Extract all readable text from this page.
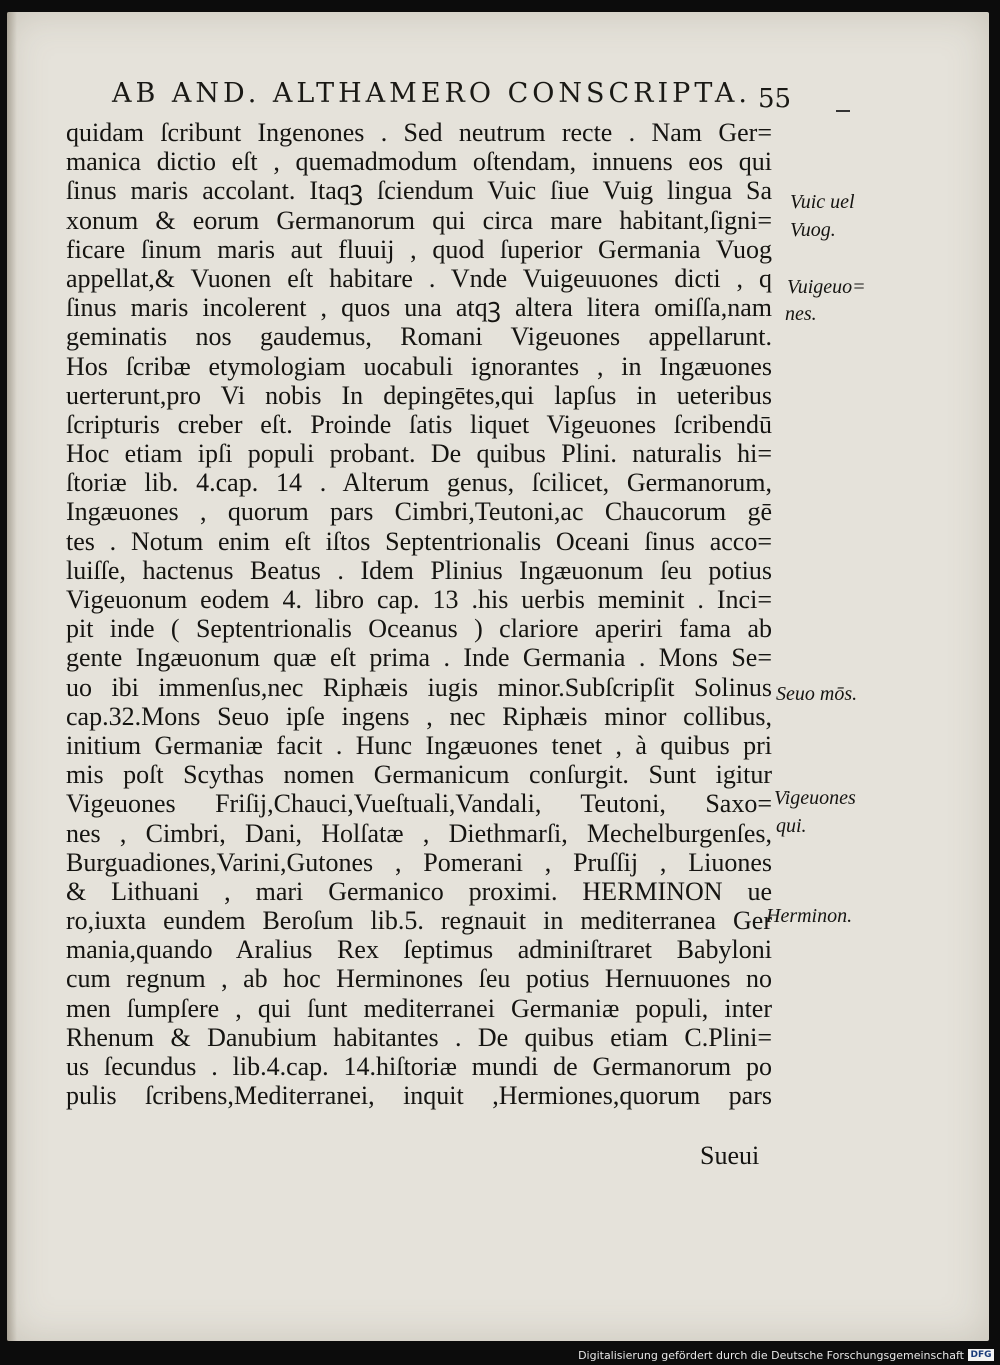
AB AND. ALTHAMERO CONSCRIPTA. 55
quidam ſcribunt Ingenones . Sed neutrum recte . Nam Ger=
manica dictio eſt , quemadmodum oſtendam, innuens eos qui
ſinus maris accolant. Itaqꝫ ſciendum Vuic ſiue Vuig lingua Sa
xonum & eorum Germanorum qui circa mare habitant,ſigni=
ficare ſinum maris aut fluuij , quod ſuperior Germania Vuog
appellat,& Vuonen eſt habitare . Vnde Vuigeuuones dicti , q
ſinus maris incolerent , quos una atqꝫ altera litera omiſſa,nam
geminatis nos gaudemus, Romani Vigeuones appellarunt.
Hos ſcribæ etymologiam uocabuli ignorantes , in Ingæuones
uerterunt,pro Vi nobis In depingētes,qui lapſus in ueteribus
ſcripturis creber eſt. Proinde ſatis liquet Vigeuones ſcribendū
Hoc etiam ipſi populi probant. De quibus Plini. naturalis hi=
ſtoriæ lib. 4.cap. 14 . Alterum genus, ſcilicet, Germanorum,
Ingæuones , quorum pars Cimbri,Teutoni,ac Chaucorum gē
tes . Notum enim eſt iſtos Septentrionalis Oceani ſinus acco=
luiſſe, hactenus Beatus . Idem Plinius Ingæuonum ſeu potius
Vigeuonum eodem 4. libro cap. 13 .his uerbis meminit . Inci=
pit inde ( Septentrionalis Oceanus ) clariore aperiri fama ab
gente Ingæuonum quæ eſt prima . Inde Germania . Mons Se=
uo ibi immenſus,nec Riphæis iugis minor.Subſcripſit Solinus
cap.32.Mons Seuo ipſe ingens , nec Riphæis minor collibus,
initium Germaniæ facit . Hunc Ingæuones tenet , à quibus pri
mis poſt Scythas nomen Germanicum conſurgit. Sunt igitur
Vigeuones Friſij,Chauci,Vueſtuali,Vandali, Teutoni, Saxo=
nes , Cimbri, Dani, Holſatæ , Diethmarſi, Mechelburgenſes,
Burguadiones,Varini,Gutones , Pomerani , Pruſſij , Liuones
& Lithuani , mari Germanico proximi. HERMINON ue
ro,iuxta eundem Beroſum lib.5. regnauit in mediterranea Ger
mania,quando Aralius Rex ſeptimus adminiſtraret Babyloni
cum regnum , ab hoc Herminones ſeu potius Hernuuones no
men ſumpſere , qui ſunt mediterranei Germaniæ populi, inter
Rhenum & Danubium habitantes . De quibus etiam C.Plini=
us ſecundus . lib.4.cap. 14.hiſtoriæ mundi de Germanorum po
pulis ſcribens,Mediterranei, inquit ,Hermiones,quorum pars
Vuic uel
Vuog.
Vuigeuo=
nes.
Seuo mōs.
Vigeuones
qui.
Herminon.
Sueui
Digitalisierung gefördert durch die Deutsche Forschungsgemeinschaft DFG
